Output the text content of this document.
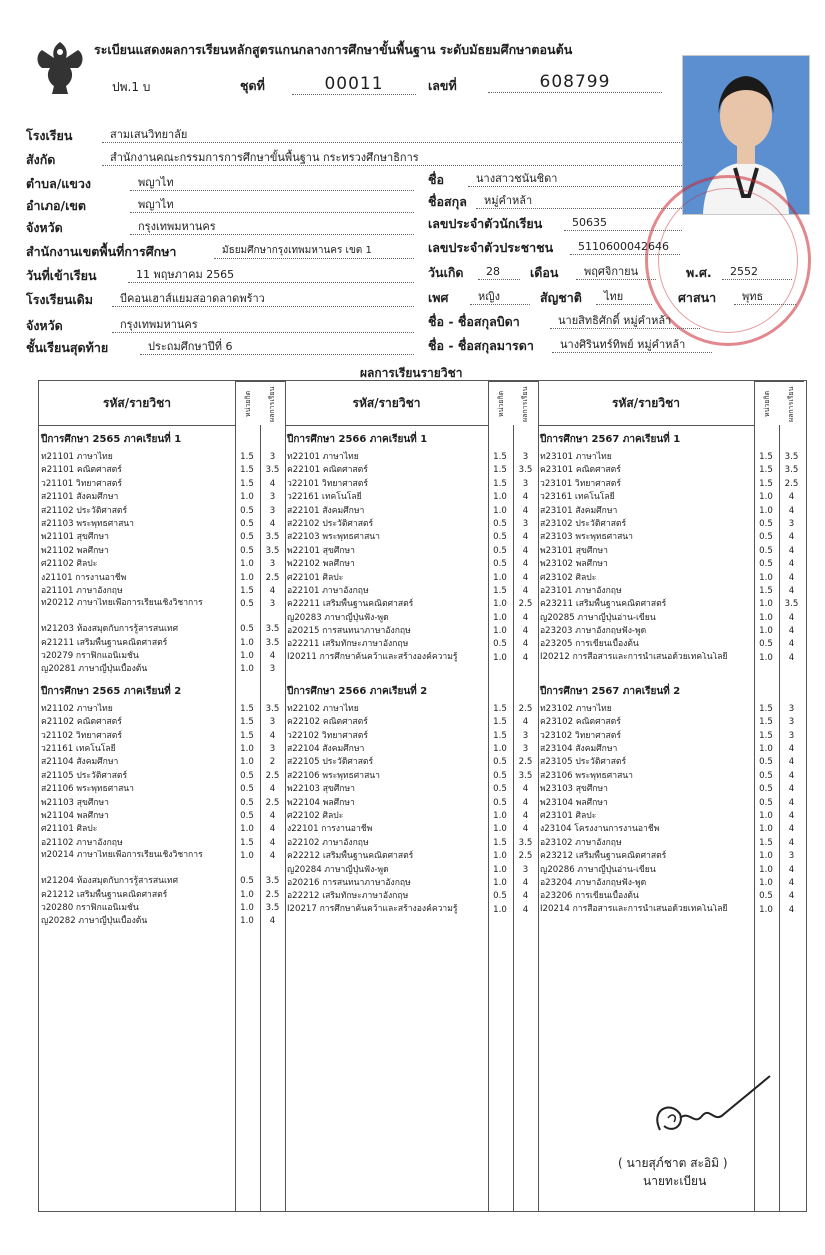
ระเบียนแสดงผลการเรียนหลักสูตรแกนกลางการศึกษาขั้นพื้นฐาน ระดับมัธยมศึกษาตอนต้น
ปพ.1 บ	ชุดที่	00011	เลขที่	608799
โรงเรียน	สามเสนวิทยาลัย
สังกัด	สำนักงานคณะกรรมการการศึกษาขั้นพื้นฐาน กระทรวงศึกษาธิการ
ตำบล/แขวง	พญาไท
อำเภอ/เขต	พญาไท
จังหวัด	กรุงเทพมหานคร
สำนักงานเขตพื้นที่การศึกษา	มัธยมศึกษากรุงเทพมหานคร เขต 1
วันที่เข้าเรียน	11 พฤษภาคม 2565
โรงเรียนเดิม	บีคอนเฮาส์แยมสอาดลาดพร้าว
จังหวัด	กรุงเทพมหานคร
ชั้นเรียนสุดท้าย	ประถมศึกษาปีที่ 6
ชื่อ	นางสาวชนันชิดา
ชื่อสกุล	หมู่คำหล้า
เลขประจำตัวนักเรียน	50635
เลขประจำตัวประชาชน	5110600042646
วันเกิด	28	เดือน	พฤศจิกายน	พ.ศ.	2552
เพศ	หญิง	สัญชาติ	ไทย	ศาสนา	พุทธ
ชื่อ - ชื่อสกุลบิดา	นายสิทธิศักดิ์ หมู่คำหล้า
ชื่อ - ชื่อสกุลมารดา	นางศิรินทร์ทิพย์ หมู่คำหล้า
ผลการเรียนรายวิชา
รหัส/รายวิชา	หน่วยกิต	ผลการเรียน
ปีการศึกษา 2565 ภาคเรียนที่ 1
ท21101 ภาษาไทย	1.5	3
ค21101 คณิตศาสตร์	1.5	3.5
ว21101 วิทยาศาสตร์	1.5	4
ส21101 สังคมศึกษา	1.0	3
ส21102 ประวัติศาสตร์	0.5	3
ส21103 พระพุทธศาสนา	0.5	4
พ21101 สุขศึกษา	0.5	3.5
พ21102 พลศึกษา	0.5	3.5
ศ21102 ศิลปะ	1.0	3
ง21101 การงานอาชีพ	1.0	2.5
อ21101 ภาษาอังกฤษ	1.5	4
ท20212 ภาษาไทยเพื่อการเรียนเชิงวิชาการ	0.5	3
ท21203 ห้องสมุดกับการรู้สารสนเทศ	0.5	3.5
ค21211 เสริมพื้นฐานคณิตศาสตร์	1.0	3.5
ว20279 กราฟิกแอนิเมชั่น	1.0	4
ญ20281 ภาษาญี่ปุ่นเบื้องต้น	1.0	3
ปีการศึกษา 2565 ภาคเรียนที่ 2
ท21102 ภาษาไทย	1.5	3.5
ค21102 คณิตศาสตร์	1.5	3
ว21102 วิทยาศาสตร์	1.5	4
ว21161 เทคโนโลยี	1.0	3
ส21104 สังคมศึกษา	1.0	2
ส21105 ประวัติศาสตร์	0.5	2.5
ส21106 พระพุทธศาสนา	0.5	4
พ21103 สุขศึกษา	0.5	2.5
พ21104 พลศึกษา	0.5	4
ศ21101 ศิลปะ	1.0	4
อ21102 ภาษาอังกฤษ	1.5	4
ท20214 ภาษาไทยเพื่อการเรียนเชิงวิชาการ	1.0	4
ท21204 ห้องสมุดกับการรู้สารสนเทศ	0.5	3.5
ค21212 เสริมพื้นฐานคณิตศาสตร์	1.0	2.5
ว20280 กราฟิกแอนิเมชั่น	1.0	3.5
ญ20282 ภาษาญี่ปุ่นเบื้องต้น	1.0	4
รหัส/รายวิชา	หน่วยกิต	ผลการเรียน
ปีการศึกษา 2566 ภาคเรียนที่ 1
ท22101 ภาษาไทย	1.5	3
ค22101 คณิตศาสตร์	1.5	3.5
ว22101 วิทยาศาสตร์	1.5	3
ว22161 เทคโนโลยี	1.0	4
ส22101 สังคมศึกษา	1.0	4
ส22102 ประวัติศาสตร์	0.5	3
ส22103 พระพุทธศาสนา	0.5	4
พ22101 สุขศึกษา	0.5	4
พ22102 พลศึกษา	0.5	4
ศ22101 ศิลปะ	1.0	4
อ22101 ภาษาอังกฤษ	1.5	4
ค22211 เสริมพื้นฐานคณิตศาสตร์	1.0	2.5
ญ20283 ภาษาญี่ปุ่นฟัง-พูด	1.0	4
อ20215 การสนทนาภาษาอังกฤษ	1.0	4
อ22211 เสริมทักษะภาษาอังกฤษ	0.5	4
I20211 การศึกษาค้นคว้าและสร้างองค์ความรู้	1.0	4
ปีการศึกษา 2566 ภาคเรียนที่ 2
ท22102 ภาษาไทย	1.5	2.5
ค22102 คณิตศาสตร์	1.5	4
ว22102 วิทยาศาสตร์	1.5	3
ส22104 สังคมศึกษา	1.0	3
ส22105 ประวัติศาสตร์	0.5	2.5
ส22106 พระพุทธศาสนา	0.5	3.5
พ22103 สุขศึกษา	0.5	4
พ22104 พลศึกษา	0.5	4
ศ22102 ศิลปะ	1.0	4
ง22101 การงานอาชีพ	1.0	4
อ22102 ภาษาอังกฤษ	1.5	3.5
ค22212 เสริมพื้นฐานคณิตศาสตร์	1.0	2.5
ญ20284 ภาษาญี่ปุ่นฟัง-พูด	1.0	3
อ20216 การสนทนาภาษาอังกฤษ	1.0	4
อ22212 เสริมทักษะภาษาอังกฤษ	0.5	4
I20217 การศึกษาค้นคว้าและสร้างองค์ความรู้	1.0	4
รหัส/รายวิชา	หน่วยกิต	ผลการเรียน
ปีการศึกษา 2567 ภาคเรียนที่ 1
ท23101 ภาษาไทย	1.5	3.5
ค23101 คณิตศาสตร์	1.5	3.5
ว23101 วิทยาศาสตร์	1.5	2.5
ว23161 เทคโนโลยี	1.0	4
ส23101 สังคมศึกษา	1.0	4
ส23102 ประวัติศาสตร์	0.5	3
ส23103 พระพุทธศาสนา	0.5	4
พ23101 สุขศึกษา	0.5	4
พ23102 พลศึกษา	0.5	4
ศ23102 ศิลปะ	1.0	4
อ23101 ภาษาอังกฤษ	1.5	4
ค23211 เสริมพื้นฐานคณิตศาสตร์	1.0	3.5
ญ20285 ภาษาญี่ปุ่นอ่าน-เขียน	1.0	4
อ23203 ภาษาอังกฤษฟัง-พูด	1.0	4
อ23205 การเขียนเบื้องต้น	0.5	4
I20212 การสื่อสารและการนำเสนอด้วยเทคโนโลยี	1.0	4
ปีการศึกษา 2567 ภาคเรียนที่ 2
ท23102 ภาษาไทย	1.5	3
ค23102 คณิตศาสตร์	1.5	3
ว23102 วิทยาศาสตร์	1.5	3
ส23104 สังคมศึกษา	1.0	4
ส23105 ประวัติศาสตร์	0.5	4
ส23106 พระพุทธศาสนา	0.5	4
พ23103 สุขศึกษา	0.5	4
พ23104 พลศึกษา	0.5	4
ศ23101 ศิลปะ	1.0	4
ง23104 โครงงานการงานอาชีพ	1.0	4
อ23102 ภาษาอังกฤษ	1.5	4
ค23212 เสริมพื้นฐานคณิตศาสตร์	1.0	3
ญ20286 ภาษาญี่ปุ่นอ่าน-เขียน	1.0	4
อ23204 ภาษาอังกฤษฟัง-พูด	1.0	4
อ23206 การเขียนเบื้องต้น	0.5	4
I20214 การสื่อสารและการนำเสนอด้วยเทคโนโลยี	1.0	4
( นายสุภ์ชาต สะอิมิ )
นายทะเบียน
